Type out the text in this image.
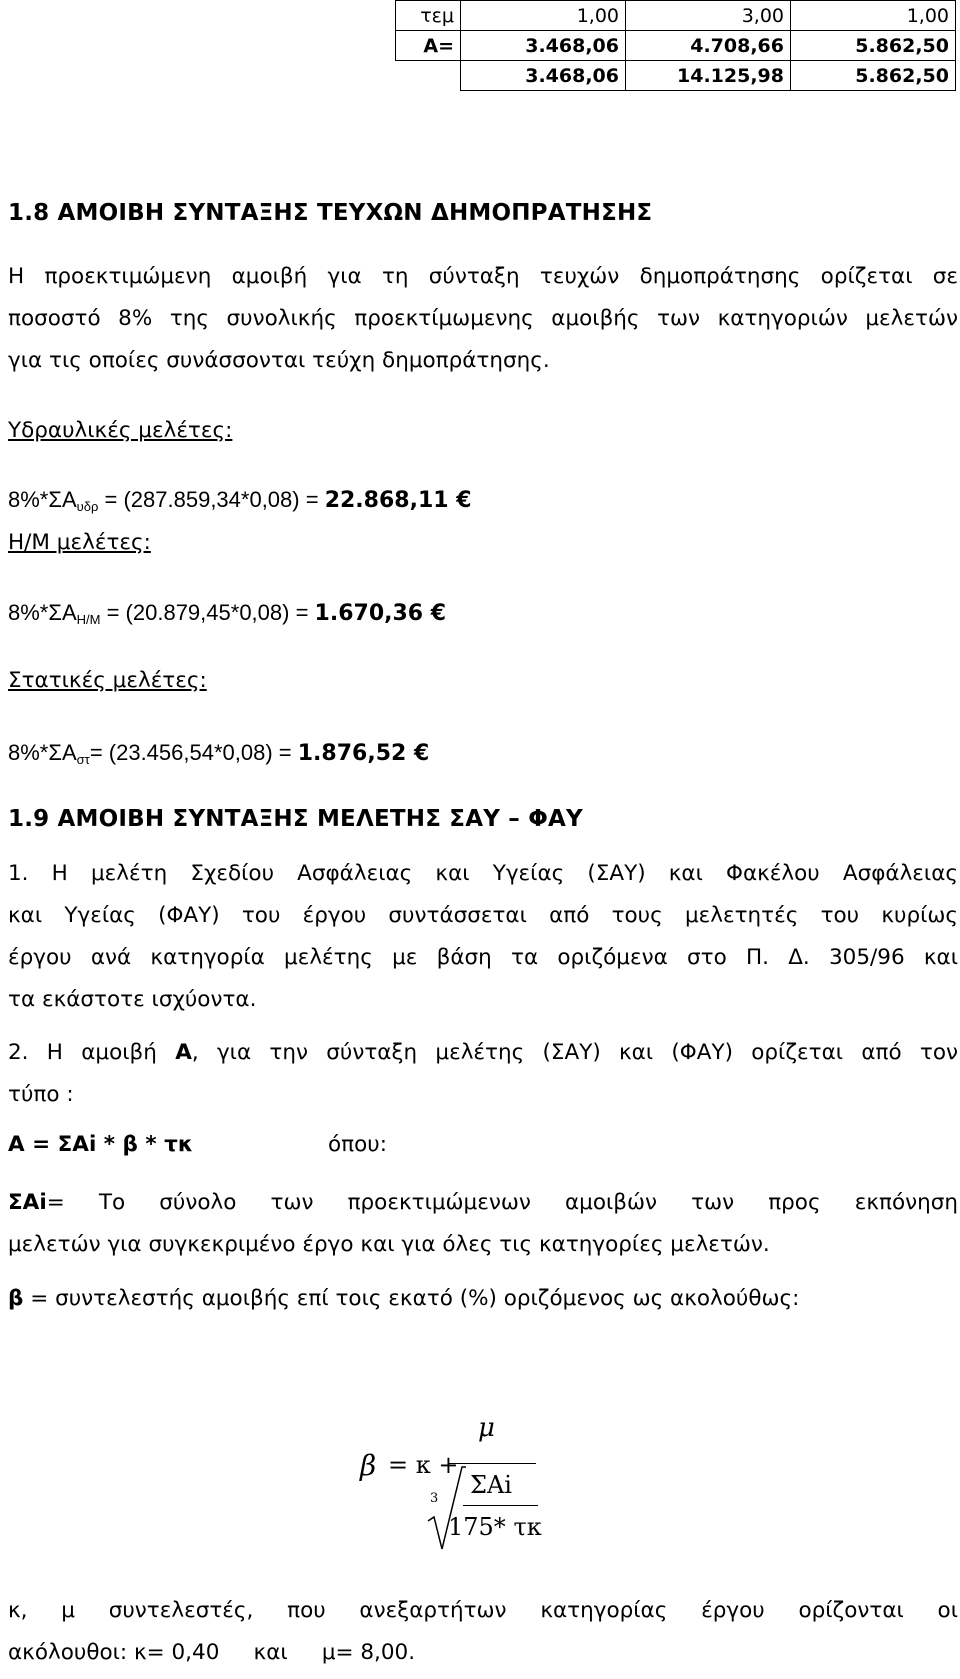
τεμ	1,00	3,00	1,00
Α=	3.468,06	4.708,66	5.862,50
	3.468,06	14.125,98	5.862,50
1.8 ΑΜΟΙΒΗ ΣΥΝΤΑΞΗΣ ΤΕΥΧΩΝ ΔΗΜΟΠΡΑΤΗΣΗΣ
Η προεκτιμώμενη αμοιβή για τη σύνταξη τευχών δημοπράτησης ορίζεται σε
ποσοστό 8% της συνολικής προεκτίμωμενης αμοιβής των κατηγοριών μελετών
για τις οποίες συνάσσονται τεύχη δημοπράτησης.
Υδραυλικές μελέτες:
$8\%*\Sigma A_{\upsilon\delta\rho} = (287.859,34*0,08) = 22.868,11$ €
Η/Μ μελέτες:
$8\%*\Sigma A_{H/M} = (20.879,45*0,08) = 1.670,36$ €
Στατικές μελέτες:
$8\%*\Sigma A_{\sigma\tau}= (23.456,54*0,08) = 1.876,52$ €
1.9 ΑΜΟΙΒΗ ΣΥΝΤΑΞΗΣ ΜΕΛΕΤΗΣ ΣΑΥ – ΦΑΥ
1. Η μελέτη Σχεδίου Ασφάλειας και Υγείας (ΣΑΥ) και Φακέλου Ασφάλειας
και Υγείας (ΦΑΥ) του έργου συντάσσεται από τους μελετητές του κυρίως
έργου ανά κατηγορία μελέτης με βάση τα οριζόμενα στο Π. Δ. 305/96 και
τα εκάστοτε ισχύοντα.
2. Η αμοιβή Α, για την σύνταξη μελέτης (ΣΑΥ) και (ΦΑΥ) ορίζεται από τον
τύπο :
Α = ΣΑi * β * τκ	όπου:
ΣΑi= Το σύνολο των προεκτιμώμενων αμοιβών των προς εκπόνηση
μελετών για συγκεκριμένο έργο και για όλες τις κατηγορίες μελετών.
β = συντελεστής αμοιβής επί τοις εκατό (%) οριζόμενος ως ακολούθως:
β = κ +
μ
ΣΑi
3
175* τκ
κ, μ συντελεστές, που ανεξαρτήτων κατηγορίας έργου ορίζονται οι
ακόλουθοι: κ= 0,40     και     μ= 8,00.
